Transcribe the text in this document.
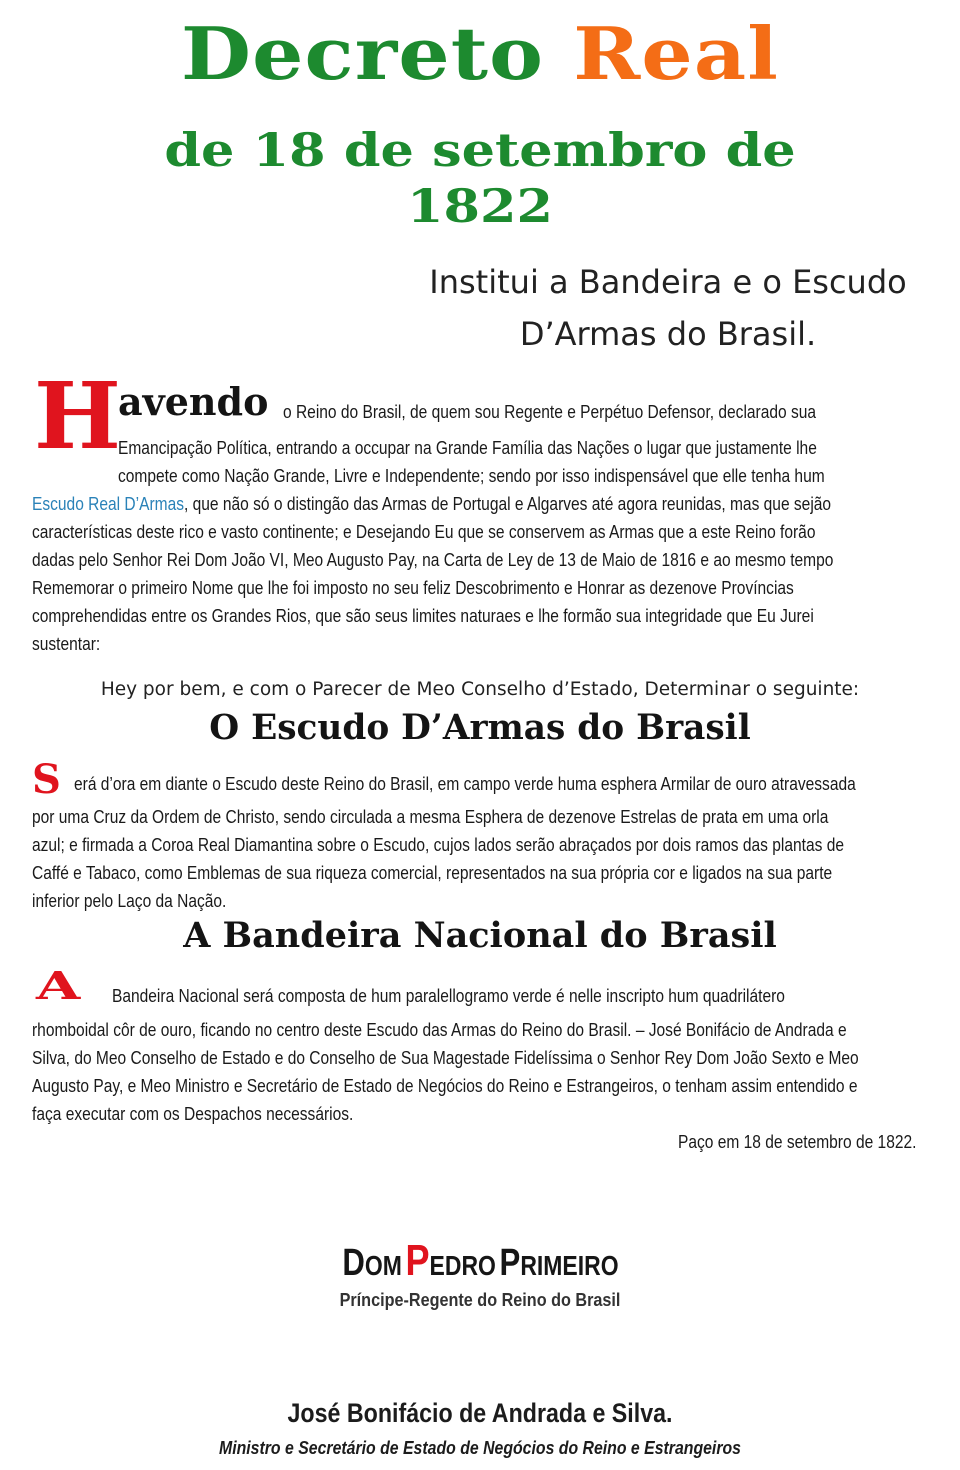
Decreto Real
de 18 de setembro de
1822
Institui a Bandeira e o Escudo
D’Armas do Brasil.
H
avendo o Reino do Brasil, de quem sou Regente e Perpétuo Defensor, declarado sua
Emancipação Política, entrando a occupar na Grande Família das Nações o lugar que justamente lhe
compete como Nação Grande, Livre e Independente; sendo por isso indispensável que elle tenha hum
Escudo Real D’Armas, que não só o distingão das Armas de Portugal e Algarves até agora reunidas, mas que sejão
características deste rico e vasto continente; e Desejando Eu que se conservem as Armas que a este Reino forão
dadas pelo Senhor Rei Dom João VI, Meo Augusto Pay, na Carta de Ley de 13 de Maio de 1816 e ao mesmo tempo
Rememorar o primeiro Nome que lhe foi imposto no seu feliz Descobrimento e Honrar as dezenove Províncias
comprehendidas entre os Grandes Rios, que são seus limites naturaes e lhe formão sua integridade que Eu Jurei
sustentar:
Hey por bem, e com o Parecer de Meo Conselho d’Estado, Determinar o seguinte:
O Escudo D’Armas do Brasil
S erá d’ora em diante o Escudo deste Reino do Brasil, em campo verde huma esphera Armilar de ouro atravessada
por uma Cruz da Ordem de Christo, sendo circulada a mesma Esphera de dezenove Estrelas de prata em uma orla
azul; e firmada a Coroa Real Diamantina sobre o Escudo, cujos lados serão abraçados por dois ramos das plantas de
Caffé e Tabaco, como Emblemas de sua riqueza comercial, representados na sua própria cor e ligados na sua parte
inferior pelo Laço da Nação.
A Bandeira Nacional do Brasil
A Bandeira Nacional será composta de hum paralellogramo verde é nelle inscripto hum quadrilátero
rhomboidal côr de ouro, ficando no centro deste Escudo das Armas do Reino do Brasil. – José Bonifácio de Andrada e
Silva, do Meo Conselho de Estado e do Conselho de Sua Magestade Fidelíssima o Senhor Rey Dom João Sexto e Meo
Augusto Pay, e Meo Ministro e Secretário de Estado de Negócios do Reino e Estrangeiros, o tenham assim entendido e
faça executar com os Despachos necessários.
Paço em 18 de setembro de 1822.
DOM PEDRO PRIMEIRO
Príncipe-Regente do Reino do Brasil
José Bonifácio de Andrada e Silva.
Ministro e Secretário de Estado de Negócios do Reino e Estrangeiros
